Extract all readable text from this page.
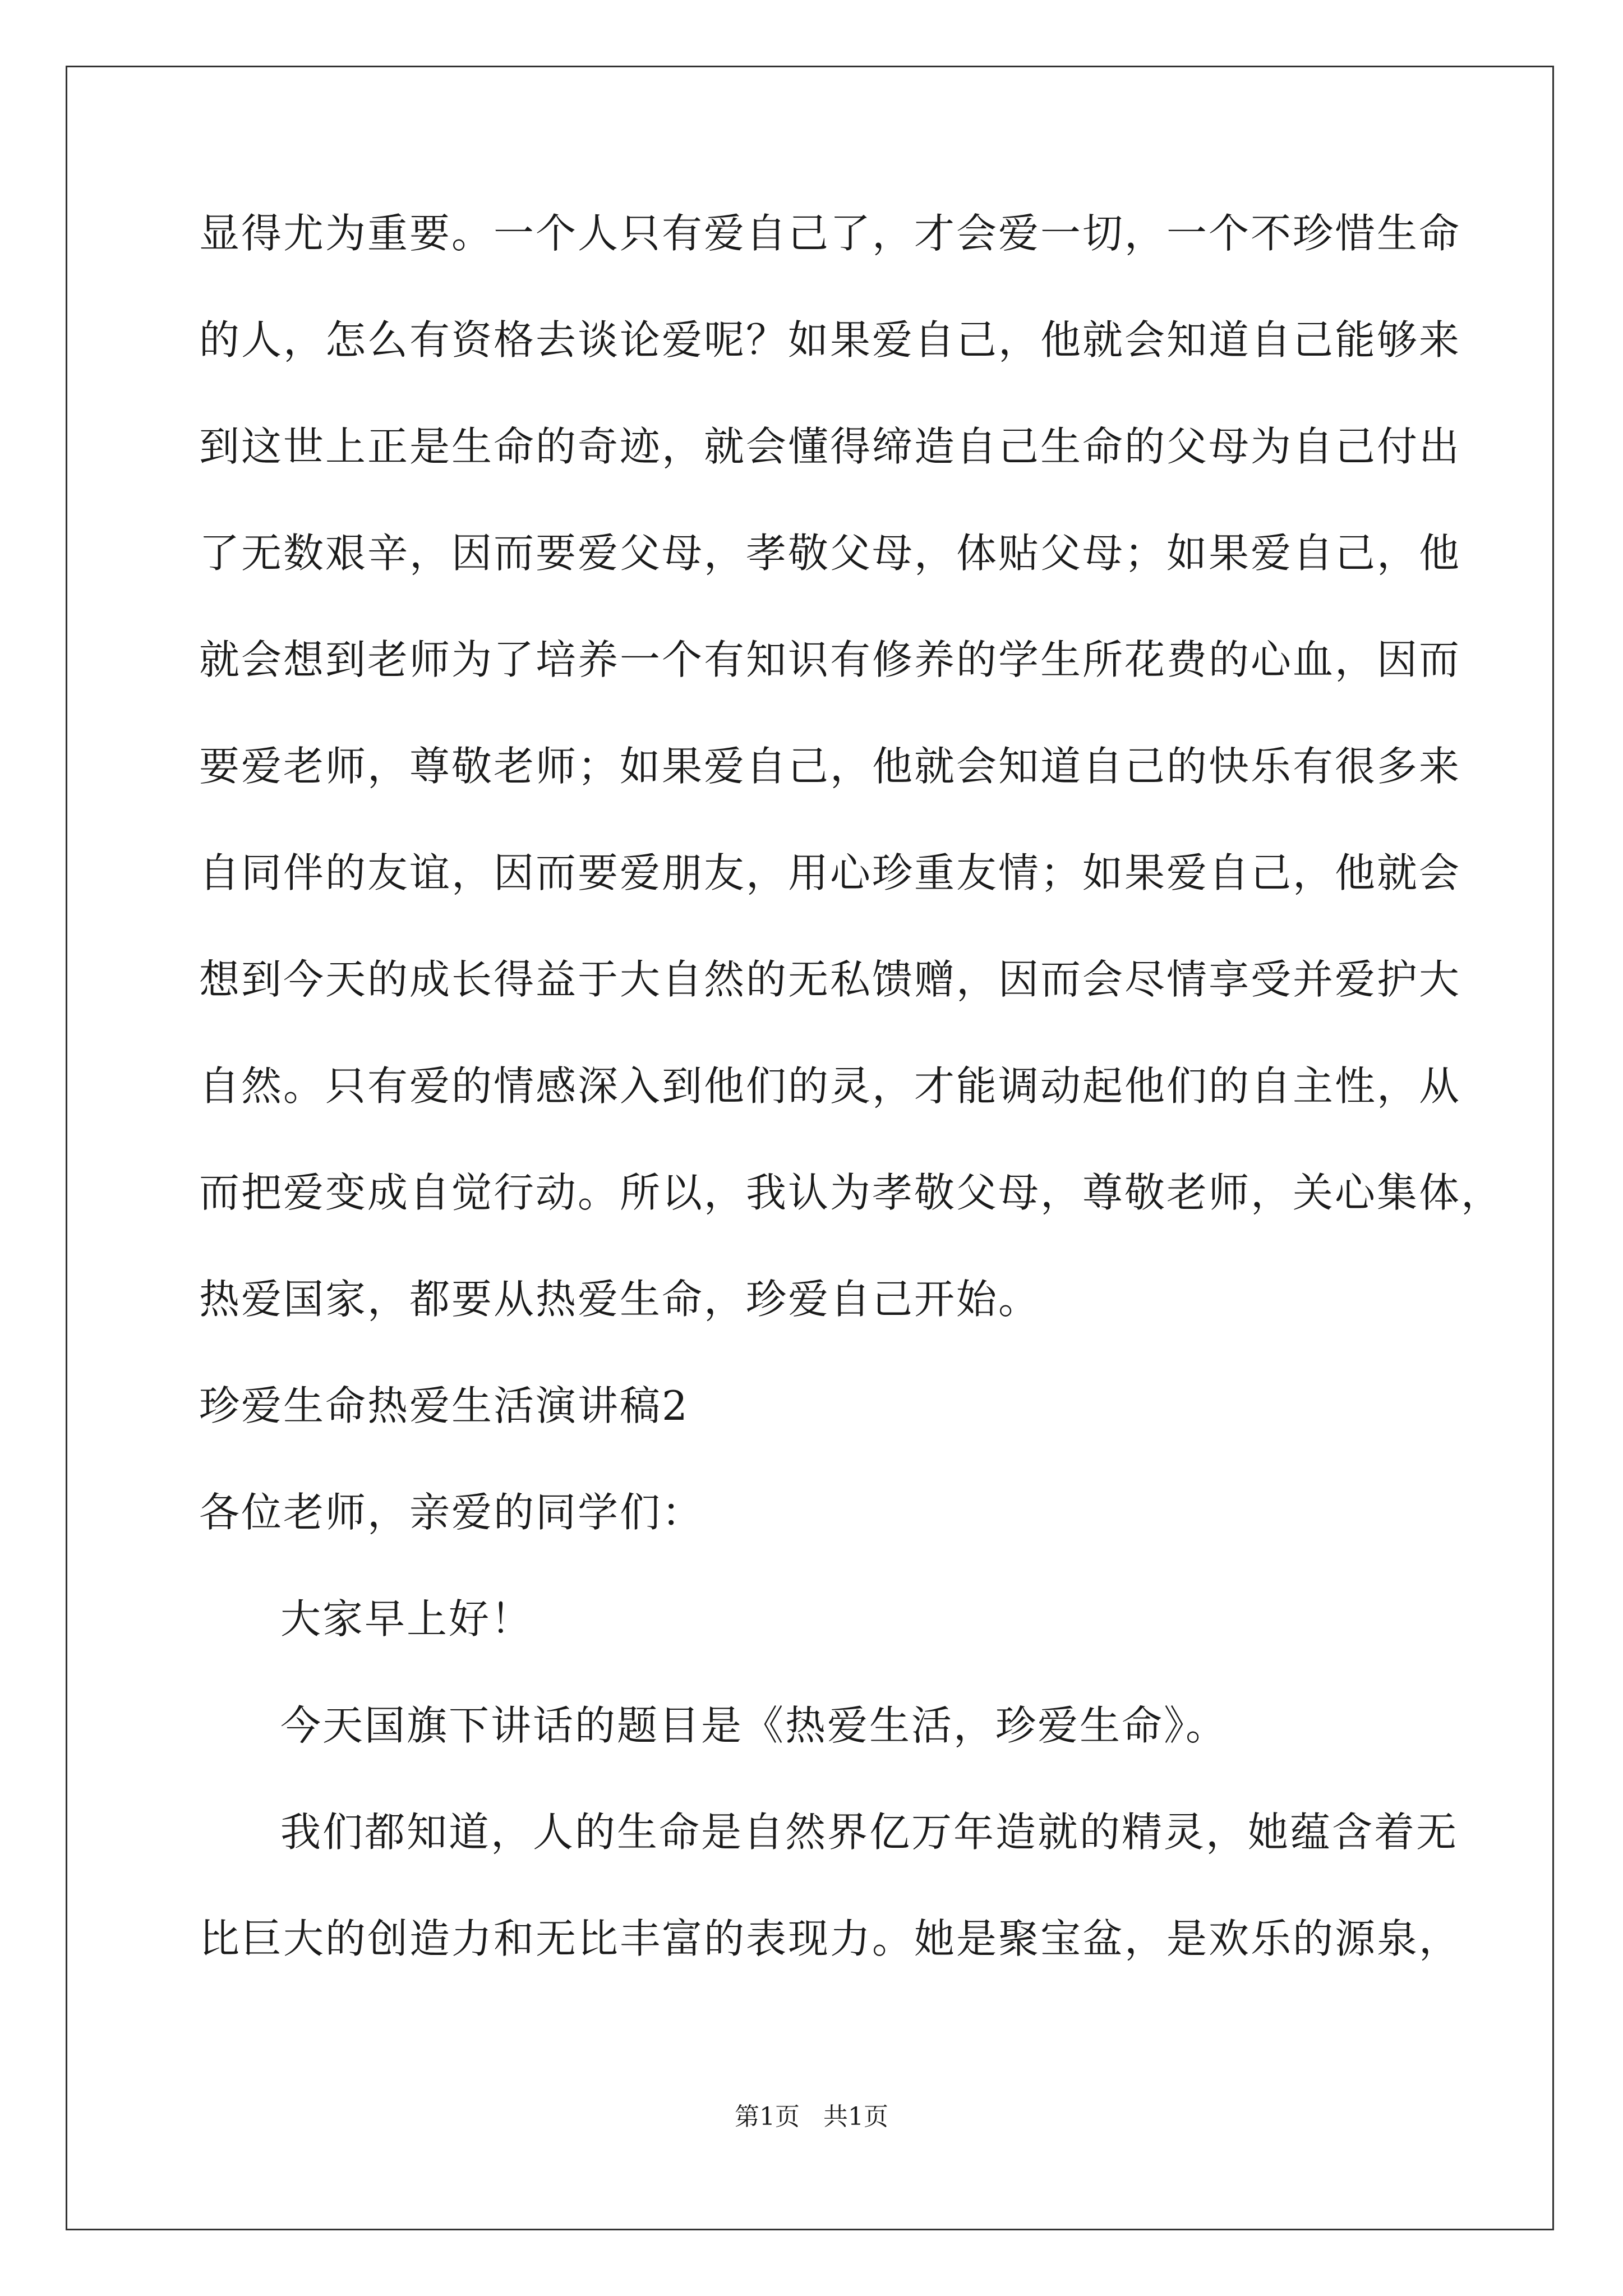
显得尤为重要。一个人只有爱自己了，才会爱一切，一个不珍惜生命
的人，怎么有资格去谈论爱呢？如果爱自己，他就会知道自己能够来
到这世上正是生命的奇迹，就会懂得缔造自己生命的父母为自己付出
了无数艰辛，因而要爱父母，孝敬父母，体贴父母；如果爱自己，他
就会想到老师为了培养一个有知识有修养的学生所花费的心血，因而
要爱老师，尊敬老师；如果爱自己，他就会知道自己的快乐有很多来
自同伴的友谊，因而要爱朋友，用心珍重友情；如果爱自己，他就会
想到今天的成长得益于大自然的无私馈赠，因而会尽情享受并爱护大
自然。只有爱的情感深入到他们的灵，才能调动起他们的自主性，从
而把爱变成自觉行动。所以，我认为孝敬父母，尊敬老师，关心集体，
热爱国家，都要从热爱生命，珍爱自己开始。
珍爱生命热爱生活演讲稿2
各位老师，亲爱的同学们：
大家早上好！
今天国旗下讲话的题目是《热爱生活，珍爱生命》。
我们都知道，人的生命是自然界亿万年造就的精灵，她蕴含着无
比巨大的创造力和无比丰富的表现力。她是聚宝盆，是欢乐的源泉，
第1页   共1页
